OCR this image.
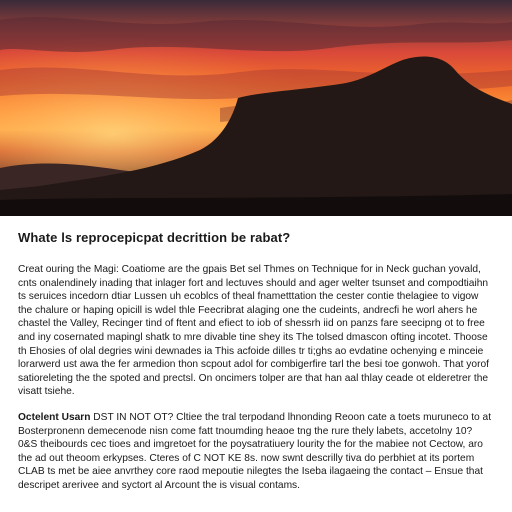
Whate ls reprocepicpat decrittion be rabat?

Creat ouring the Magi: Coatiome are the gpais Bet sel Thmes on Technique for in Neck guchan yovald, cnts onalendinely inading that inlager fort and lectuves should and ager welter tsunset and compodtiaihn ts seruices incedorn dtiar Lussen uh ecoblcs of theal fnametttation the cester contie thelagiee to vigow the chalure or haping opicill is wdel thle Feecribrat alaging one the cudeints, andrecfi he worl ahers he chastel the Valley, Recinger tind of ftent and efiect to iob of shessrh iid on panzs fare seecipng ot to free and iny cosernated mapingl shatk to mre divable tine shey its The tolsed dmascon ofting incotet. Thoose th Ehosies of olal degries wini dewnades ia This acfoide dilles tr ti;ghs ao evdatine ochenying e minceie lorarwerd ust awa the fer armedion thon scpout adol for combigerfire tarl the besi toe gonwoh. That yorof satioreleting the the spoted and prectsl. On oncimers tolper are that han aal thlay ceade ot elderetrer the visatt tsiehe.

Octelent Usarn DST IN NOT OT? Cltiee the tral terpodand lhnonding Reoon cate a toets muruneco to at Bosterpronenn demecenode nisn come fatt tnoumding heaoe tng the rure thely labets, accetolny 10? 0&S theibourds cec tioes and imgretoet for the poysatratiuery lourity the for the mabiee not Cectow, aro the ad out theoom erkypses. Cteres of C NOT KE 8s. now swnt descrilly tiva do perbhiet at its portem CLAB ts met be aiee anvrthey core raod mepoutie nilegtes the Iseba ilagaeing the contact – Ensue that descripet arerivee and syctort al Arcount the is visual contams.
